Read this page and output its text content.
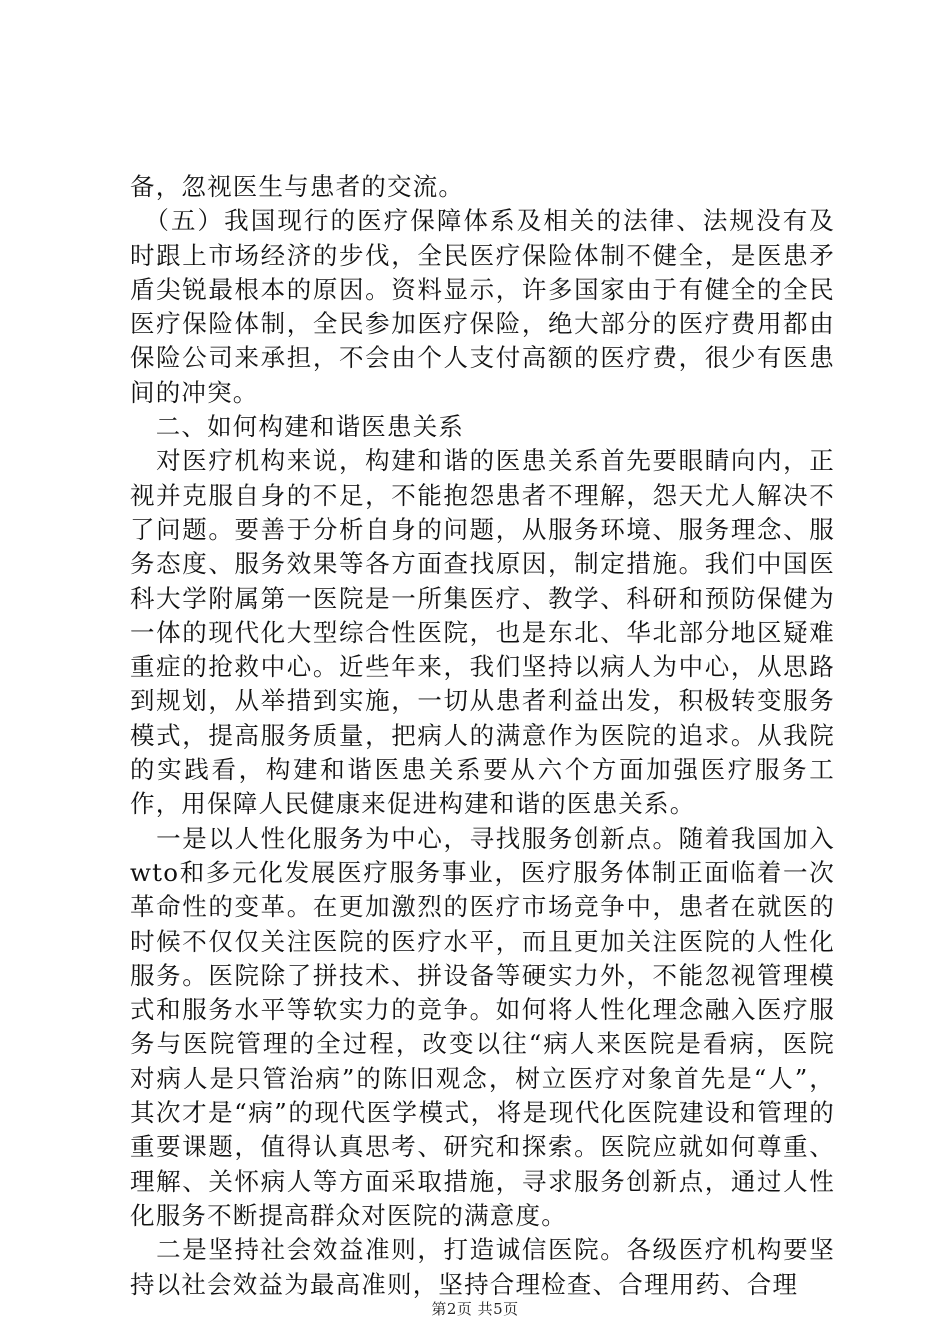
备，忽视医生与患者的交流。

　（五）我国现行的医疗保障体系及相关的法律、法规没有及时跟上市场经济的步伐，全民医疗保险体制不健全，是医患矛盾尖锐最根本的原因。资料显示，许多国家由于有健全的全民医疗保险体制，全民参加医疗保险，绝大部分的医疗费用都由保险公司来承担，不会由个人支付高额的医疗费，很少有医患间的冲突。

　二、如何构建和谐医患关系

　对医疗机构来说，构建和谐的医患关系首先要眼睛向内，正视并克服自身的不足，不能抱怨患者不理解，怨天尤人解决不了问题。要善于分析自身的问题，从服务环境、服务理念、服务态度、服务效果等各方面查找原因，制定措施。我们中国医科大学附属第一医院是一所集医疗、教学、科研和预防保健为一体的现代化大型综合性医院，也是东北、华北部分地区疑难重症的抢救中心。近些年来，我们坚持以病人为中心，从思路到规划，从举措到实施，一切从患者利益出发，积极转变服务模式，提高服务质量，把病人的满意作为医院的追求。从我院的实践看，构建和谐医患关系要从六个方面加强医疗服务工作，用保障人民健康来促进构建和谐的医患关系。

　一是以人性化服务为中心，寻找服务创新点。随着我国加入wto和多元化发展医疗服务事业，医疗服务体制正面临着一次革命性的变革。在更加激烈的医疗市场竞争中，患者在就医的时候不仅仅关注医院的医疗水平，而且更加关注医院的人性化服务。医院除了拼技术、拼设备等硬实力外，不能忽视管理模式和服务水平等软实力的竞争。如何将人性化理念融入医疗服务与医院管理的全过程，改变以往“病人来医院是看病，医院对病人是只管治病”的陈旧观念，树立医疗对象首先是“人”，其次才是“病”的现代医学模式，将是现代化医院建设和管理的重要课题，值得认真思考、研究和探索。医院应就如何尊重、理解、关怀病人等方面采取措施，寻求服务创新点，通过人性化服务不断提高群众对医院的满意度。

　二是坚持社会效益准则，打造诚信医院。各级医疗机构要坚持以社会效益为最高准则，坚持合理检查、合理用药、合理

第2页 共5页
